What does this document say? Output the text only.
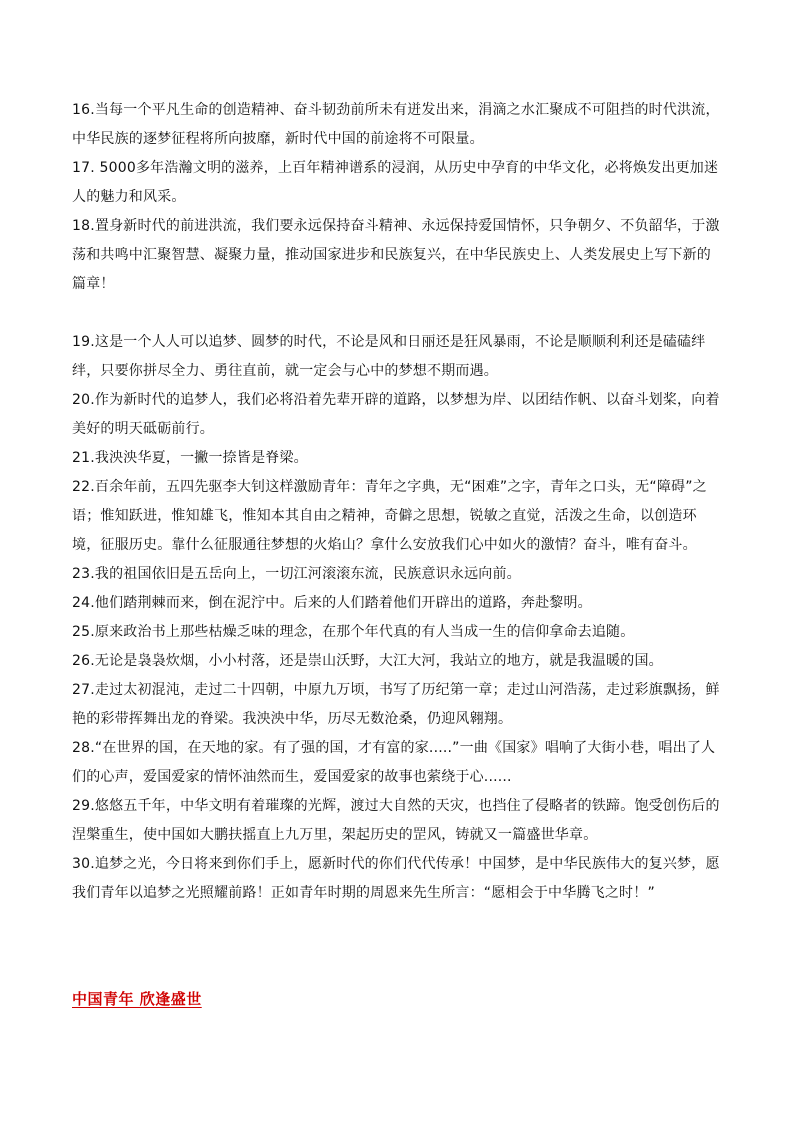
16.当每一个平凡生命的创造精神、奋斗韧劲前所未有迸发出来，涓滴之水汇聚成不可阻挡的时代洪流，中华民族的逐梦征程将所向披靡，新时代中国的前途将不可限量。

17. 5000多年浩瀚文明的滋养，上百年精神谱系的浸润，从历史中孕育的中华文化，必将焕发出更加迷人的魅力和风采。

18.置身新时代的前进洪流，我们要永远保持奋斗精神、永远保持爱国情怀，只争朝夕、不负韶华，于激荡和共鸣中汇聚智慧、凝聚力量，推动国家进步和民族复兴，在中华民族史上、人类发展史上写下新的篇章！

19.这是一个人人可以追梦、圆梦的时代，不论是风和日丽还是狂风暴雨，不论是顺顺利利还是磕磕绊绊，只要你拼尽全力、勇往直前，就一定会与心中的梦想不期而遇。

20.作为新时代的追梦人，我们必将沿着先辈开辟的道路，以梦想为岸、以团结作帆、以奋斗划桨，向着美好的明天砥砺前行。

21.我泱泱华夏，一撇一捺皆是脊梁。

22.百余年前，五四先驱李大钊这样激励青年：青年之字典，无“困难”之字，青年之口头，无“障碍”之语；惟知跃进，惟知雄飞，惟知本其自由之精神，奇僻之思想，锐敏之直觉，活泼之生命，以创造环境，征服历史。靠什么征服通往梦想的火焰山？拿什么安放我们心中如火的激情？奋斗，唯有奋斗。

23.我的祖国依旧是五岳向上，一切江河滚滚东流，民族意识永远向前。

24.他们踏荆棘而来，倒在泥泞中。后来的人们踏着他们开辟出的道路，奔赴黎明。

25.原来政治书上那些枯燥乏味的理念，在那个年代真的有人当成一生的信仰拿命去追随。

26.无论是袅袅炊烟，小小村落，还是崇山沃野，大江大河，我站立的地方，就是我温暖的国。

27.走过太初混沌，走过二十四朝，中原九万顷，书写了历纪第一章；走过山河浩荡，走过彩旗飘扬，鲜艳的彩带挥舞出龙的脊梁。我泱泱中华，历尽无数沧桑，仍迎风翱翔。

28.“在世界的国，在天地的家。有了强的国，才有富的家.....”一曲《国家》唱响了大街小巷，唱出了人们的心声，爱国爱家的情怀油然而生，爱国爱家的故事也萦绕于心......

29.悠悠五千年，中华文明有着璀璨的光辉，渡过大自然的天灾，也挡住了侵略者的铁蹄。饱受创伤后的涅槃重生，使中国如大鹏扶摇直上九万里，架起历史的罡风，铸就又一篇盛世华章。

30.追梦之光，今日将来到你们手上，愿新时代的你们代代传承！中国梦，是中华民族伟大的复兴梦，愿我们青年以追梦之光照耀前路！正如青年时期的周恩来先生所言：“愿相会于中华腾飞之时！”

中国青年 欣逢盛世
